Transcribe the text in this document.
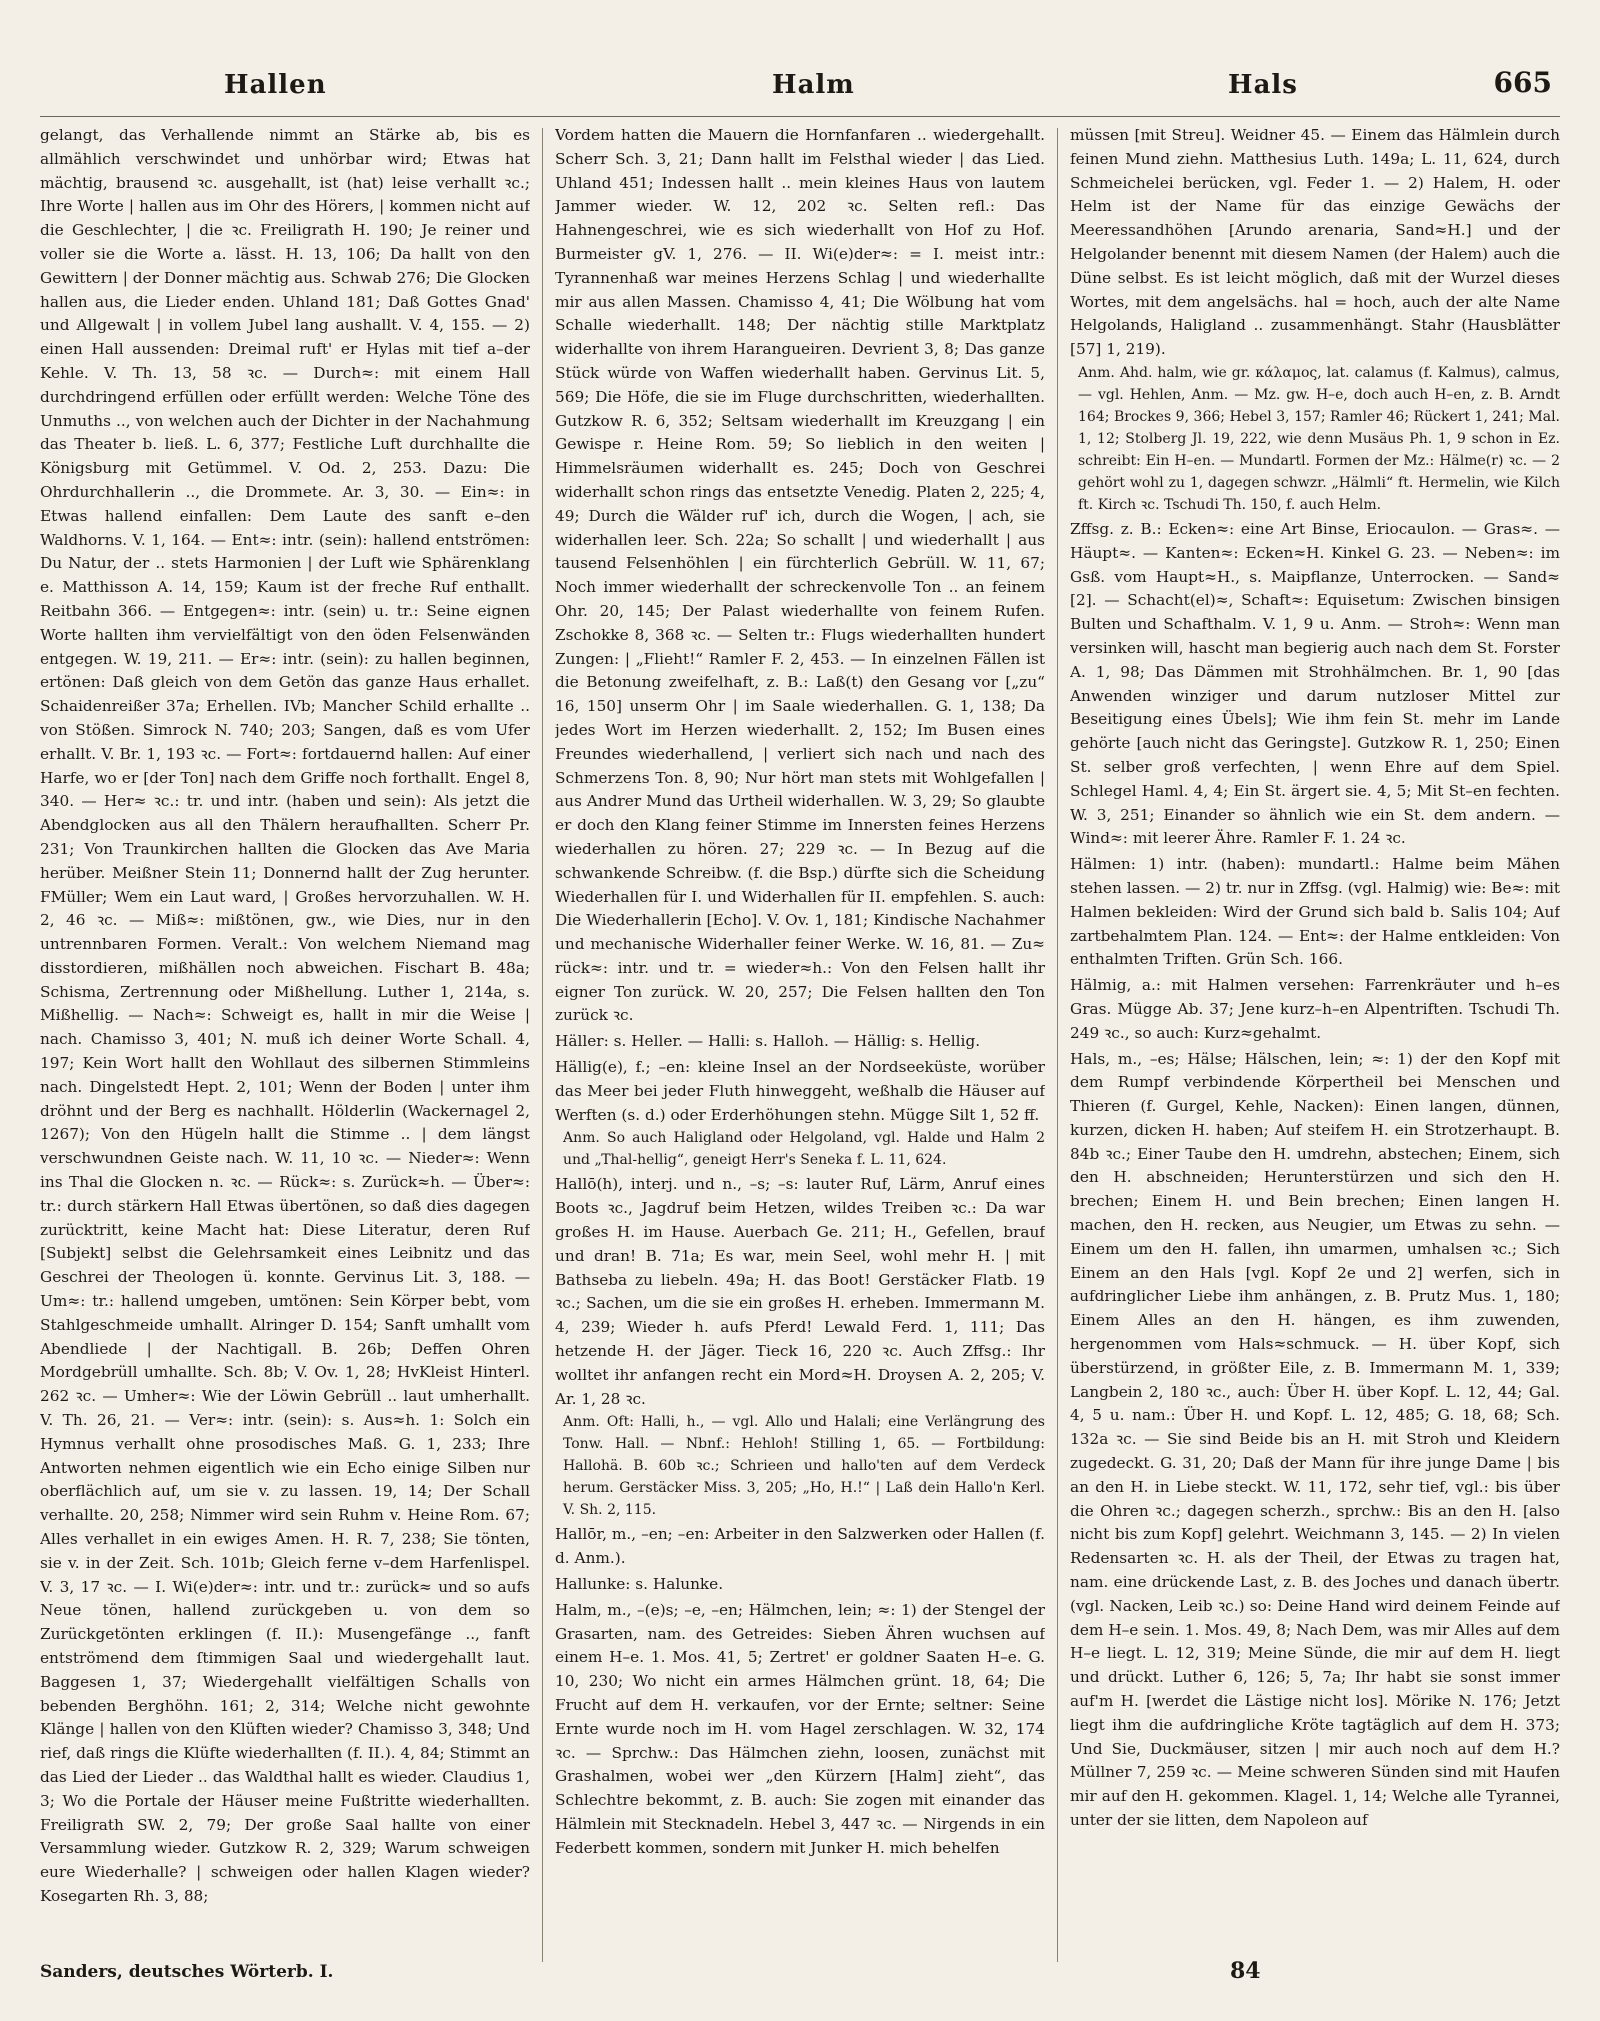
Hallen	Halm	Hals	665

gelangt, das Verhallende nimmt an Stärke ab, bis es allmählich verschwindet und unhörbar wird; Etwas hat mächtig, brausend ꝛc. ausgehallt, ist (hat) leise verhallt ꝛc.; Ihre Worte | hallen aus im Ohr des Hörers, | kommen nicht auf die Geschlechter, | die ꝛc. Freiligrath H. 190; Je reiner und voller sie die Worte a. lässt. H. 13, 106; Da hallt von den Gewittern | der Donner mächtig aus. Schwab 276; Die Glocken hallen aus, die Lieder enden. Uhland 181; Daß Gottes Gnad' und Allgewalt | in vollem Jubel lang aushallt. V. 4, 155. — 2) einen Hall aussenden: Dreimal ruft' er Hylas mit tief a–der Kehle. V. Th. 13, 58 ꝛc. — Durch≈: mit einem Hall durchdringend erfüllen oder erfüllt werden: Welche Töne des Unmuths .., von welchen auch der Dichter in der Nachahmung das Theater b. ließ. L. 6, 377; Festliche Luft durchhallte die Königsburg mit Getümmel. V. Od. 2, 253. Dazu: Die Ohrdurchhallerin .., die Drommete. Ar. 3, 30. — Ein≈: in Etwas hallend einfallen: Dem Laute des sanft e–den Waldhorns. V. 1, 164. — Ent≈: intr. (sein): hallend entströmen: Du Natur, der .. stets Harmonien | der Luft wie Sphärenklang e. Matthisson A. 14, 159; Kaum ist der freche Ruf enthallt. Reitbahn 366. — Entgegen≈: intr. (sein) u. tr.: Seine eignen Worte hallten ihm vervielfältigt von den öden Felsenwänden entgegen. W. 19, 211. — Er≈: intr. (sein): zu hallen beginnen, ertönen: Daß gleich von dem Getön das ganze Haus erhallet. Schaidenreißer 37a; Erhellen. IVb; Mancher Schild erhallte .. von Stößen. Simrock N. 740; 203; Sangen, daß es vom Ufer erhallt. V. Br. 1, 193 ꝛc. — Fort≈: fortdauernd hallen: Auf einer Harfe, wo er [der Ton] nach dem Griffe noch forthallt. Engel 8, 340. — Her≈ ꝛc.: tr. und intr. (haben und sein): Als jetzt die Abendglocken aus all den Thälern heraufhallten. Scherr Pr. 231; Von Traunkirchen hallten die Glocken das Ave Maria herüber. Meißner Stein 11; Donnernd hallt der Zug herunter. FMüller; Wem ein Laut ward, | Großes hervorzuhallen. W. H. 2, 46 ꝛc. — Miß≈: mißtönen, gw., wie Dies, nur in den untrennbaren Formen. Veralt.: Von welchem Niemand mag disstordieren, mißhällen noch abweichen. Fischart B. 48a; Schisma, Zertrennung oder Mißhellung. Luther 1, 214a, s. Mißhellig. — Nach≈: Schweigt es, hallt in mir die Weise | nach. Chamisso 3, 401; N. muß ich deiner Worte Schall. 4, 197; Kein Wort hallt den Wohllaut des silbernen Stimmleins nach. Dingelstedt Hept. 2, 101; Wenn der Boden | unter ihm dröhnt und der Berg es nachhallt. Hölderlin (Wackernagel 2, 1267); Von den Hügeln hallt die Stimme .. | dem längst verschwundnen Geiste nach. W. 11, 10 ꝛc. — Nieder≈: Wenn ins Thal die Glocken n. ꝛc. — Rück≈: s. Zurück≈h. — Über≈: tr.: durch stärkern Hall Etwas übertönen, so daß dies dagegen zurücktritt, keine Macht hat: Diese Literatur, deren Ruf [Subjekt] selbst die Gelehrsamkeit eines Leibnitz und das Geschrei der Theologen ü. konnte. Gervinus Lit. 3, 188. — Um≈: tr.: hallend umgeben, umtönen: Sein Körper bebt, vom Stahlgeschmeide umhallt. Alringer D. 154; Sanft umhallt vom Abendliede | der Nachtigall. B. 26b; Deffen Ohren Mordgebrüll umhallte. Sch. 8b; V. Ov. 1, 28; HvKleist Hinterl. 262 ꝛc. — Umher≈: Wie der Löwin Gebrüll .. laut umherhallt. V. Th. 26, 21. — Ver≈: intr. (sein): s. Aus≈h. 1: Solch ein Hymnus verhallt ohne prosodisches Maß. G. 1, 233; Ihre Antworten nehmen eigentlich wie ein Echo einige Silben nur oberflächlich auf, um sie v. zu lassen. 19, 14; Der Schall verhallte. 20, 258; Nimmer wird sein Ruhm v. Heine Rom. 67; Alles verhallet in ein ewiges Amen. H. R. 7, 238; Sie tönten, sie v. in der Zeit. Sch. 101b; Gleich ferne v–dem Harfenlispel. V. 3, 17 ꝛc. — I. Wi(e)der≈: intr. und tr.: zurück≈ und so aufs Neue tönen, hallend zurückgeben u. von dem so Zurückgetönten erklingen (f. II.): Musengefänge .., fanft entströmend dem ſtimmigen Saal und wiedergehallt laut. Baggesen 1, 37; Wiedergehallt vielfältigen Schalls von bebenden Berghöhn. 161; 2, 314; Welche nicht gewohnte Klänge | hallen von den Klüften wieder? Chamisso 3, 348; Und rief, daß rings die Klüfte wiederhallten (f. II.). 4, 84; Stimmt an das Lied der Lieder .. das Waldthal hallt es wieder. Claudius 1, 3; Wo die Portale der Häuser meine Fußtritte wiederhallten. Freiligrath SW. 2, 79; Der große Saal hallte von einer Versammlung wieder. Gutzkow R. 2, 329; Warum schweigen eure Wiederhalle? | schweigen oder hallen Klagen wieder? Kosegarten Rh. 3, 88;

Vordem hatten die Mauern die Hornfanfaren .. wiedergehallt. Scherr Sch. 3, 21; Dann hallt im Felsthal wieder | das Lied. Uhland 451; Indessen hallt .. mein kleines Haus von lautem Jammer wieder. W. 12, 202 ꝛc. Selten refl.: Das Hahnengeschrei, wie es sich wiederhallt von Hof zu Hof. Burmeister gV. 1, 276. — II. Wi(e)der≈: = I. meist intr.: Tyrannenhaß war meines Herzens Schlag | und wiederhallte mir aus allen Massen. Chamisso 4, 41; Die Wölbung hat vom Schalle wiederhallt. 148; Der nächtig stille Marktplatz widerhallte von ihrem Harangueiren. Devrient 3, 8; Das ganze Stück würde von Waffen wiederhallt haben. Gervinus Lit. 5, 569; Die Höfe, die sie im Fluge durchschritten, wiederhallten. Gutzkow R. 6, 352; Seltsam wiederhallt im Kreuzgang | ein Gewispe r. Heine Rom. 59; So lieblich in den weiten | Himmelsräumen widerhallt es. 245; Doch von Geschrei widerhallt schon rings das entsetzte Venedig. Platen 2, 225; 4, 49; Durch die Wälder ruf' ich, durch die Wogen, | ach, sie widerhallen leer. Sch. 22a; So schallt | und wiederhallt | aus tausend Felsenhöhlen | ein fürchterlich Gebrüll. W. 11, 67; Noch immer wiederhallt der schreckenvolle Ton .. an feinem Ohr. 20, 145; Der Palast wiederhallte von feinem Rufen. Zschokke 8, 368 ꝛc. — Selten tr.: Flugs wiederhallten hundert Zungen: | „Flieht!“ Ramler F. 2, 453. — In einzelnen Fällen ist die Betonung zweifelhaft, z. B.: Laß(t) den Gesang vor [„zu“ 16, 150] unserm Ohr | im Saale wiederhallen. G. 1, 138; Da jedes Wort im Herzen wiederhallt. 2, 152; Im Busen eines Freundes wiederhallend, | verliert sich nach und nach des Schmerzens Ton. 8, 90; Nur hört man stets mit Wohlgefallen | aus Andrer Mund das Urtheil widerhallen. W. 3, 29; So glaubte er doch den Klang feiner Stimme im Innersten feines Herzens wiederhallen zu hören. 27; 229 ꝛc. — In Bezug auf die schwankende Schreibw. (f. die Bsp.) dürfte sich die Scheidung Wiederhallen für I. und Widerhallen für II. empfehlen. S. auch: Die Wiederhallerin [Echo]. V. Ov. 1, 181; Kindische Nachahmer und mechanische Widerhaller feiner Werke. W. 16, 81. — Zu≈ rück≈: intr. und tr. = wieder≈h.: Von den Felsen hallt ihr eigner Ton zurück. W. 20, 257; Die Felsen hallten den Ton zurück ꝛc.

Häller: s. Heller. — Halli: s. Halloh. — Hällig: s. Hellig.

Hällig(e), f.; –en: kleine Insel an der Nordseeküste, worüber das Meer bei jeder Fluth hinweggeht, weßhalb die Häuser auf Werften (s. d.) oder Erderhöhungen stehn. Mügge Silt 1, 52 ff.

Anm. So auch Haligland oder Helgoland, vgl. Halde und Halm 2 und „Thal-hellig“, geneigt Herr's Seneka f. L. 11, 624.

Hallō(h), interj. und n., –s; –s: lauter Ruf, Lärm, Anruf eines Boots ꝛc., Jagdruf beim Hetzen, wildes Treiben ꝛc.: Da war großes H. im Hause. Auerbach Ge. 211; H., Gefellen, brauf und dran! B. 71a; Es war, mein Seel, wohl mehr H. | mit Bathseba zu liebeln. 49a; H. das Boot! Gerstäcker Flatb. 19 ꝛc.; Sachen, um die sie ein großes H. erheben. Immermann M. 4, 239; Wieder h. aufs Pferd! Lewald Ferd. 1, 111; Das hetzende H. der Jäger. Tieck 16, 220 ꝛc. Auch Zffsg.: Ihr wolltet ihr anfangen recht ein Mord≈H. Droysen A. 2, 205; V. Ar. 1, 28 ꝛc.

Anm. Oft: Halli, h., — vgl. Allo und Halali; eine Verlängrung des Tonw. Hall. — Nbnf.: Hehloh! Stilling 1, 65. — Fortbildung: Hallohä. B. 60b ꝛc.; Schrieen und hallo'ten auf dem Verdeck herum. Gerstäcker Miss. 3, 205; „Ho, H.!“ | Laß dein Hallo'n Kerl. V. Sh. 2, 115.

Hallōr, m., –en; –en: Arbeiter in den Salzwerken oder Hallen (f. d. Anm.).

Hallunke: s. Halunke.

Halm, m., –(e)s; –e, –en; Hälmchen, lein; ≈: 1) der Stengel der Grasarten, nam. des Getreides: Sieben Ähren wuchsen auf einem H–e. 1. Mos. 41, 5; Zertret' er goldner Saaten H–e. G. 10, 230; Wo nicht ein armes Hälmchen grünt. 18, 64; Die Frucht auf dem H. verkaufen, vor der Ernte; seltner: Seine Ernte wurde noch im H. vom Hagel zerschlagen. W. 32, 174 ꝛc. — Sprchw.: Das Hälmchen ziehn, loosen, zunächst mit Grashalmen, wobei wer „den Kürzern [Halm] zieht“, das Schlechtre bekommt, z. B. auch: Sie zogen mit einander das Hälmlein mit Stecknadeln. Hebel 3, 447 ꝛc. — Nirgends in ein Federbett kommen, sondern mit Junker H. mich behelfen

müssen [mit Streu]. Weidner 45. — Einem das Hälmlein durch feinen Mund ziehn. Matthesius Luth. 149a; L. 11, 624, durch Schmeichelei berücken, vgl. Feder 1. — 2) Halem, H. oder Helm ist der Name für das einzige Gewächs der Meeressandhöhen [Arundo arenaria, Sand≈H.] und der Helgolander benennt mit diesem Namen (der Halem) auch die Düne selbst. Es ist leicht möglich, daß mit der Wurzel dieses Wortes, mit dem angelsächs. hal = hoch, auch der alte Name Helgolands, Haligland .. zusammenhängt. Stahr (Hausblätter [57] 1, 219).

Anm. Ahd. halm, wie gr. κάλαμος, lat. calamus (f. Kalmus), calmus, — vgl. Hehlen, Anm. — Mz. gw. H–e, doch auch H–en, z. B. Arndt 164; Brockes 9, 366; Hebel 3, 157; Ramler 46; Rückert 1, 241; Mal. 1, 12; Stolberg Jl. 19, 222, wie denn Musäus Ph. 1, 9 schon in Ez. schreibt: Ein H–en. — Mundartl. Formen der Mz.: Hälme(r) ꝛc. — 2 gehört wohl zu 1, dagegen schwzr. „Hälmli“ ft. Hermelin, wie Kilch ft. Kirch ꝛc. Tschudi Th. 150, f. auch Helm.

Zffsg. z. B.: Ecken≈: eine Art Binse, Eriocaulon. — Gras≈. — Häupt≈. — Kanten≈: Ecken≈H. Kinkel G. 23. — Neben≈: im Gsß. vom Haupt≈H., s. Maipflanze, Unterrocken. — Sand≈ [2]. — Schacht(el)≈, Schaft≈: Equisetum: Zwischen binsigen Bulten und Schafthalm. V. 1, 9 u. Anm. — Stroh≈: Wenn man versinken will, hascht man begierig auch nach dem St. Forster A. 1, 98; Das Dämmen mit Strohhälmchen. Br. 1, 90 [das Anwenden winziger und darum nutzloser Mittel zur Beseitigung eines Übels]; Wie ihm fein St. mehr im Lande gehörte [auch nicht das Geringste]. Gutzkow R. 1, 250; Einen St. selber groß verfechten, | wenn Ehre auf dem Spiel. Schlegel Haml. 4, 4; Ein St. ärgert sie. 4, 5; Mit St–en fechten. W. 3, 251; Einander so ähnlich wie ein St. dem andern. — Wind≈: mit leerer Ähre. Ramler F. 1. 24 ꝛc.

Hälmen: 1) intr. (haben): mundartl.: Halme beim Mähen stehen lassen. — 2) tr. nur in Zffsg. (vgl. Halmig) wie: Be≈: mit Halmen bekleiden: Wird der Grund sich bald b. Salis 104; Auf zartbehalmtem Plan. 124. — Ent≈: der Halme entkleiden: Von enthalmten Triften. Grün Sch. 166.

Hälmig, a.: mit Halmen versehen: Farrenkräuter und h–es Gras. Mügge Ab. 37; Jene kurz–h–en Alpentriften. Tschudi Th. 249 ꝛc., so auch: Kurz≈gehalmt.

Hals, m., –es; Hälse; Hälschen, lein; ≈: 1) der den Kopf mit dem Rumpf verbindende Körpertheil bei Menschen und Thieren (f. Gurgel, Kehle, Nacken): Einen langen, dünnen, kurzen, dicken H. haben; Auf steifem H. ein Strotzerhaupt. B. 84b ꝛc.; Einer Taube den H. umdrehn, abstechen; Einem, sich den H. abschneiden; Herunterstürzen und sich den H. brechen; Einem H. und Bein brechen; Einen langen H. machen, den H. recken, aus Neugier, um Etwas zu sehn. — Einem um den H. fallen, ihn umarmen, umhalsen ꝛc.; Sich Einem an den Hals [vgl. Kopf 2e und 2] werfen, sich in aufdringlicher Liebe ihm anhängen, z. B. Prutz Mus. 1, 180; Einem Alles an den H. hängen, es ihm zuwenden, hergenommen vom Hals≈schmuck. — H. über Kopf, sich überstürzend, in größter Eile, z. B. Immermann M. 1, 339; Langbein 2, 180 ꝛc., auch: Über H. über Kopf. L. 12, 44; Gal. 4, 5 u. nam.: Über H. und Kopf. L. 12, 485; G. 18, 68; Sch. 132a ꝛc. — Sie sind Beide bis an H. mit Stroh und Kleidern zugedeckt. G. 31, 20; Daß der Mann für ihre junge Dame | bis an den H. in Liebe steckt. W. 11, 172, sehr tief, vgl.: bis über die Ohren ꝛc.; dagegen scherzh., sprchw.: Bis an den H. [also nicht bis zum Kopf] gelehrt. Weichmann 3, 145. — 2) In vielen Redensarten ꝛc. H. als der Theil, der Etwas zu tragen hat, nam. eine drückende Last, z. B. des Joches und danach übertr. (vgl. Nacken, Leib ꝛc.) so: Deine Hand wird deinem Feinde auf dem H–e sein. 1. Mos. 49, 8; Nach Dem, was mir Alles auf dem H–e liegt. L. 12, 319; Meine Sünde, die mir auf dem H. liegt und drückt. Luther 6, 126; 5, 7a; Ihr habt sie sonst immer auf'm H. [werdet die Lästige nicht los]. Mörike N. 176; Jetzt liegt ihm die aufdringliche Kröte tagtäglich auf dem H. 373; Und Sie, Duckmäuser, sitzen | mir auch noch auf dem H.? Müllner 7, 259 ꝛc. — Meine schweren Sünden sind mit Haufen mir auf den H. gekommen. Klagel. 1, 14; Welche alle Tyrannei, unter der sie litten, dem Napoleon auf

Sanders, deutsches Wörterb. I.	84
